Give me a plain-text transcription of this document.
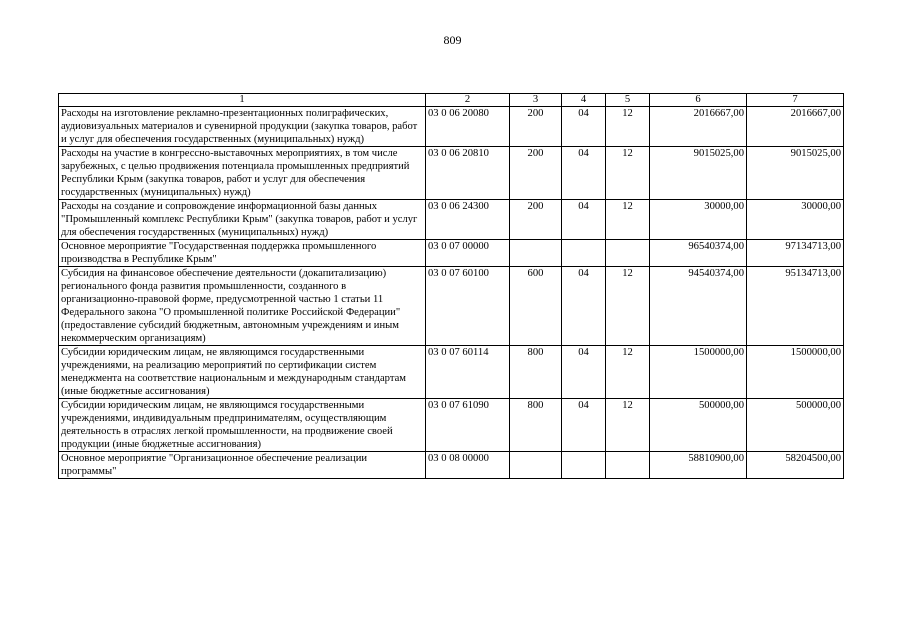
809
1	2	3	4	5	6	7
Расходы на изготовление рекламно-презентационных полиграфических, аудиовизуальных материалов и сувенирной продукции (закупка товаров, работ и услуг для обеспечения государственных (муниципальных) нужд)	03 0 06 20080	200	04	12	2016667,00	2016667,00
Расходы на участие в конгрессно-выставочных мероприятиях, в том числе зарубежных, с целью продвижения потенциала промышленных предприятий Республики Крым (закупка товаров, работ и услуг для обеспечения государственных (муниципальных) нужд)	03 0 06 20810	200	04	12	9015025,00	9015025,00
Расходы на создание и сопровождение информационной базы данных "Промышленный комплекс Республики Крым" (закупка товаров, работ и услуг для обеспечения государственных (муниципальных) нужд)	03 0 06 24300	200	04	12	30000,00	30000,00
Основное мероприятие "Государственная поддержка промышленного производства в Республике Крым"	03 0 07 00000				96540374,00	97134713,00
Субсидия на финансовое обеспечение деятельности (докапитализацию) регионального фонда развития промышленности, созданного в организационно-правовой форме, предусмотренной частью 1 статьи 11 Федерального закона "О промышленной политике Российской Федерации" (предоставление субсидий бюджетным, автономным учреждениям и иным некоммерческим организациям)	03 0 07 60100	600	04	12	94540374,00	95134713,00
Субсидии юридическим лицам, не являющимся государственными учреждениями, на реализацию мероприятий по сертификации систем менеджмента на соответствие национальным и международным стандартам (иные бюджетные ассигнования)	03 0 07 60114	800	04	12	1500000,00	1500000,00
Субсидии юридическим лицам, не являющимся государственными учреждениями, индивидуальным предпринимателям, осуществляющим деятельность в отраслях легкой промышленности, на продвижение своей продукции (иные бюджетные ассигнования)	03 0 07 61090	800	04	12	500000,00	500000,00
Основное мероприятие "Организационное обеспечение реализации программы"	03 0 08 00000				58810900,00	58204500,00
